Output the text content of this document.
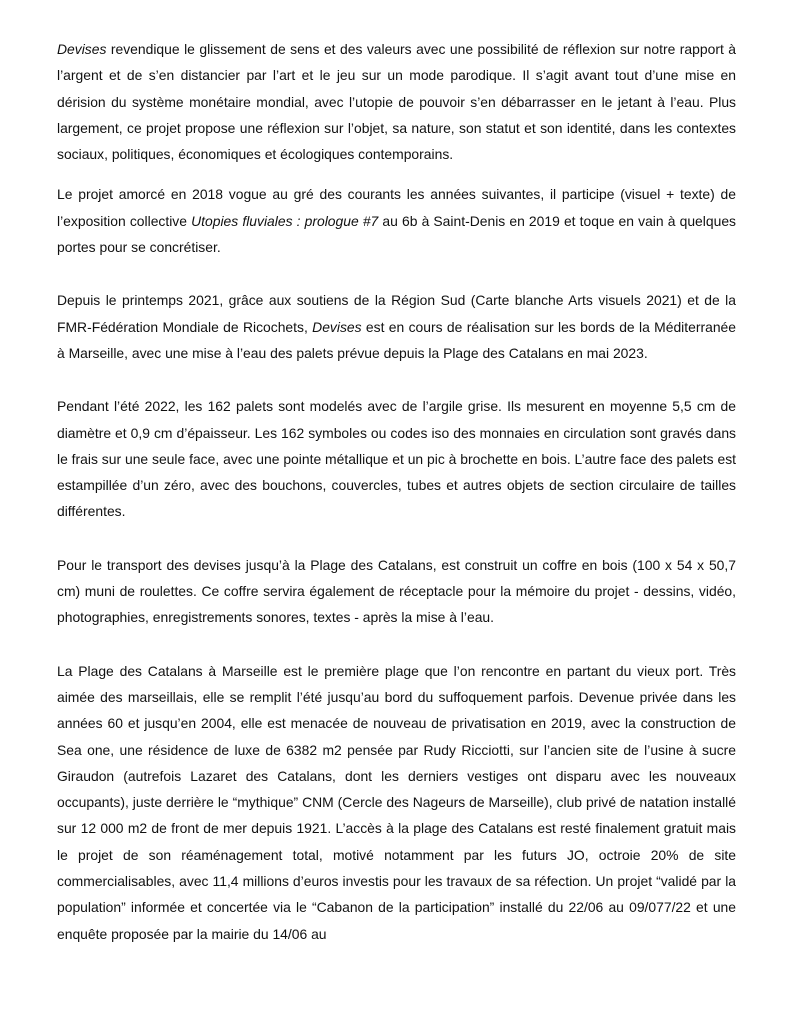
Devises revendique le glissement de sens et des valeurs avec une possibilité de réflexion sur notre rapport à l’argent et de s’en distancier par l’art et le jeu sur un mode parodique. Il s’agit avant tout d’une mise en dérision du système monétaire mondial, avec l’utopie de pouvoir s’en débarrasser en le jetant à l’eau. Plus largement, ce projet propose une réflexion sur l’objet, sa nature, son statut et son identité, dans les contextes sociaux, politiques, économiques et écologiques contemporains.

Le projet amorcé en 2018 vogue au gré des courants les années suivantes, il participe (visuel + texte) de l’exposition collective Utopies fluviales : prologue #7 au 6b à Saint-Denis en 2019 et toque en vain à quelques portes pour se concrétiser.

Depuis le printemps 2021, grâce aux soutiens de la Région Sud (Carte blanche Arts visuels 2021) et de la FMR-Fédération Mondiale de Ricochets, Devises est en cours de réalisation sur les bords de la Méditerranée à Marseille, avec une mise à l’eau des palets prévue depuis la Plage des Catalans en mai 2023.

Pendant l’été 2022, les 162 palets sont modelés avec de l’argile grise. Ils mesurent en moyenne 5,5 cm de diamètre et 0,9 cm d’épaisseur. Les 162 symboles ou codes iso des monnaies en circulation sont gravés dans le frais sur une seule face, avec une pointe métallique et un pic à brochette en bois. L’autre face des palets est estampillée d’un zéro, avec des bouchons, couvercles, tubes et autres objets de section circulaire de tailles différentes.

Pour le transport des devises jusqu’à la Plage des Catalans, est construit un coffre en bois (100 x 54 x 50,7 cm) muni de roulettes. Ce coffre servira également de réceptacle pour la mémoire du projet - dessins, vidéo, photographies, enregistrements sonores, textes - après la mise à l’eau.

La Plage des Catalans à Marseille est le première plage que l’on rencontre en partant du vieux port. Très aimée des marseillais, elle se remplit l’été jusqu’au bord du suffoquement parfois. Devenue privée dans les années 60 et jusqu’en 2004, elle est menacée de nouveau de privatisation en 2019, avec la construction de Sea one, une résidence de luxe de 6382 m2 pensée par Rudy Ricciotti, sur l’ancien site de l’usine à sucre Giraudon (autrefois Lazaret des Catalans, dont les derniers vestiges ont disparu avec les nouveaux occupants), juste derrière le “mythique” CNM (Cercle des Nageurs de Marseille), club privé de natation installé sur 12 000 m2 de front de mer depuis 1921. L’accès à la plage des Catalans est resté finalement gratuit mais le projet de son réaménagement total, motivé notamment par les futurs JO, octroie 20% de site commercialisables, avec 11,4 millions d’euros investis pour les travaux de sa réfection. Un projet “validé par la population” informée et concertée via le “Cabanon de la participation” installé du 22/06 au 09/077/22 et une enquête proposée par la mairie du 14/06 au
